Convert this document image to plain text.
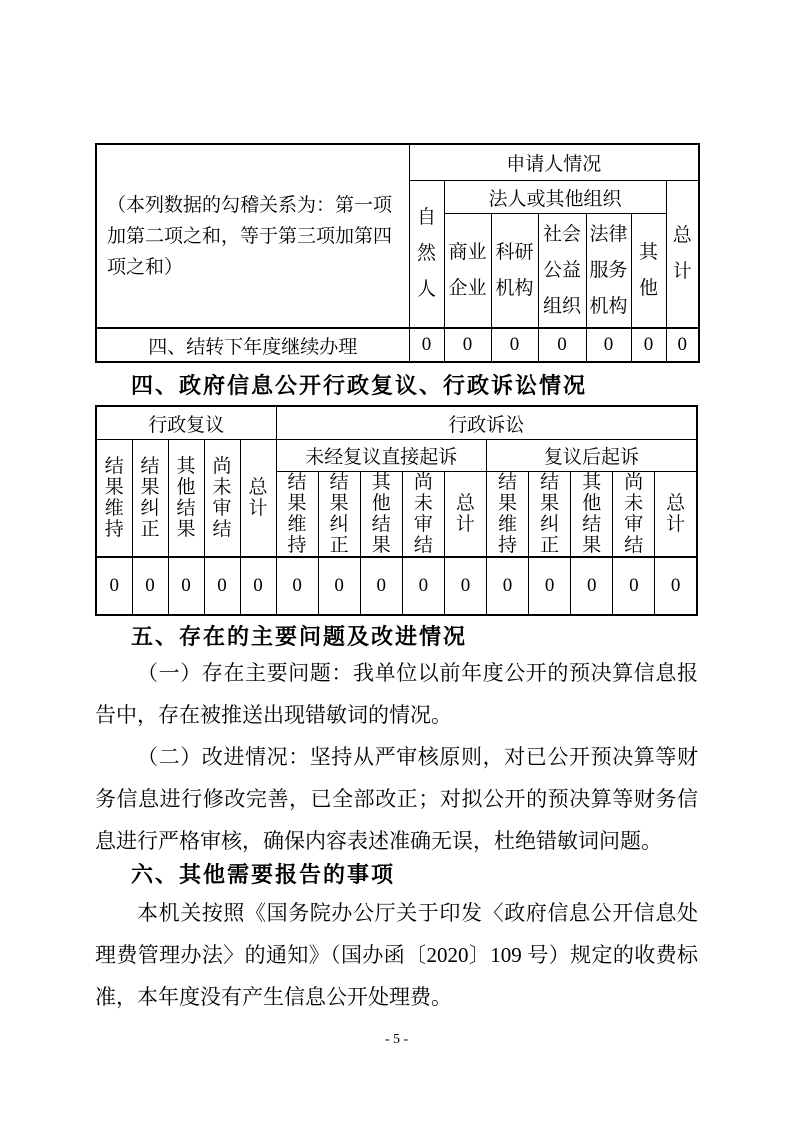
（本列数据的勾稽关系为：第一项加第二项之和，等于第三项加第四项之和）	申请人情况						
	自然人	法人或其他组织					总计
		商业企业	科研机构	社会公益组织	法律服务机构	其他	
四、结转下年度继续办理	0	0	0	0	0	0	0
四、政府信息公开行政复议、行政诉讼情况
行政复议					行政诉讼									
结果维持	结果纠正	其他结果	尚未审结	总计	未经复议直接起诉					复议后起诉				
					结果维持	结果纠正	其他结果	尚未审结	总计	结果维持	结果纠正	其他结果	尚未审结	总计
0	0	0	0	0	0	0	0	0	0	0	0	0	0	0
五、存在的主要问题及改进情况

（一）存在主要问题：我单位以前年度公开的预决算信息报告中，存在被推送出现错敏词的情况。

（二）改进情况：坚持从严审核原则，对已公开预决算等财务信息进行修改完善，已全部改正；对拟公开的预决算等财务信息进行严格审核，确保内容表述准确无误，杜绝错敏词问题。

六、其他需要报告的事项

本机关按照《国务院办公厅关于印发〈政府信息公开信息处理费管理办法〉的通知》（国办函〔2020〕109 号）规定的收费标准，本年度没有产生信息公开处理费。

- 5 -
